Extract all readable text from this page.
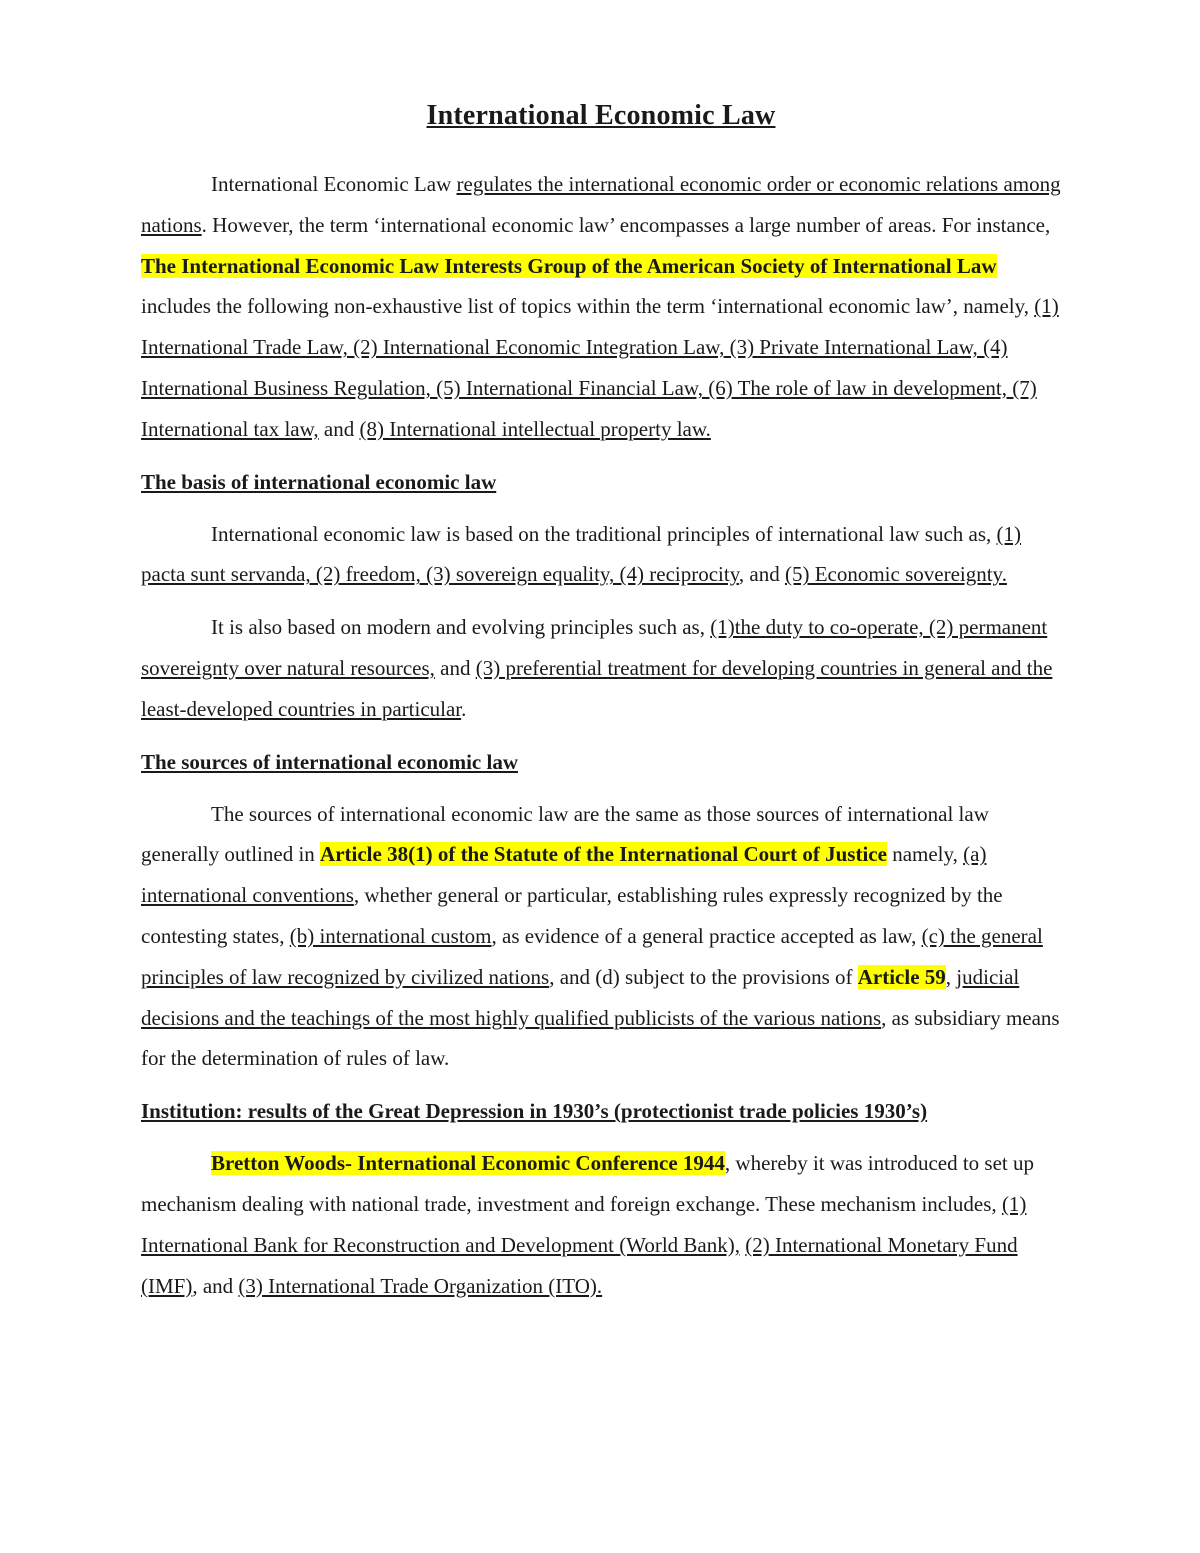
International Economic Law

International Economic Law regulates the international economic order or economic relations among nations. However, the term ‘international economic law’ encompasses a large number of areas. For instance, The International Economic Law Interests Group of the American Society of International Law includes the following non-exhaustive list of topics within the term ‘international economic law’, namely, (1) International Trade Law, (2) International Economic Integration Law, (3) Private International Law, (4) International Business Regulation, (5) International Financial Law, (6) The role of law in development, (7) International tax law, and (8) International intellectual property law.

The basis of international economic law

International economic law is based on the traditional principles of international law such as, (1) pacta sunt servanda, (2) freedom, (3) sovereign equality, (4) reciprocity, and (5) Economic sovereignty.

It is also based on modern and evolving principles such as, (1)the duty to co-operate, (2) permanent sovereignty over natural resources, and (3) preferential treatment for developing countries in general and the least-developed countries in particular.

The sources of international economic law

The sources of international economic law are the same as those sources of international law generally outlined in Article 38(1) of the Statute of the International Court of Justice namely, (a) international conventions, whether general or particular, establishing rules expressly recognized by the contesting states, (b) international custom, as evidence of a general practice accepted as law, (c) the general principles of law recognized by civilized nations, and (d) subject to the provisions of Article 59, judicial decisions and the teachings of the most highly qualified publicists of the various nations, as subsidiary means for the determination of rules of law.

Institution: results of the Great Depression in 1930’s (protectionist trade policies 1930’s)

Bretton Woods- International Economic Conference 1944, whereby it was introduced to set up mechanism dealing with national trade, investment and foreign exchange. These mechanism includes, (1) International Bank for Reconstruction and Development (World Bank), (2) International Monetary Fund (IMF), and (3) International Trade Organization (ITO).
